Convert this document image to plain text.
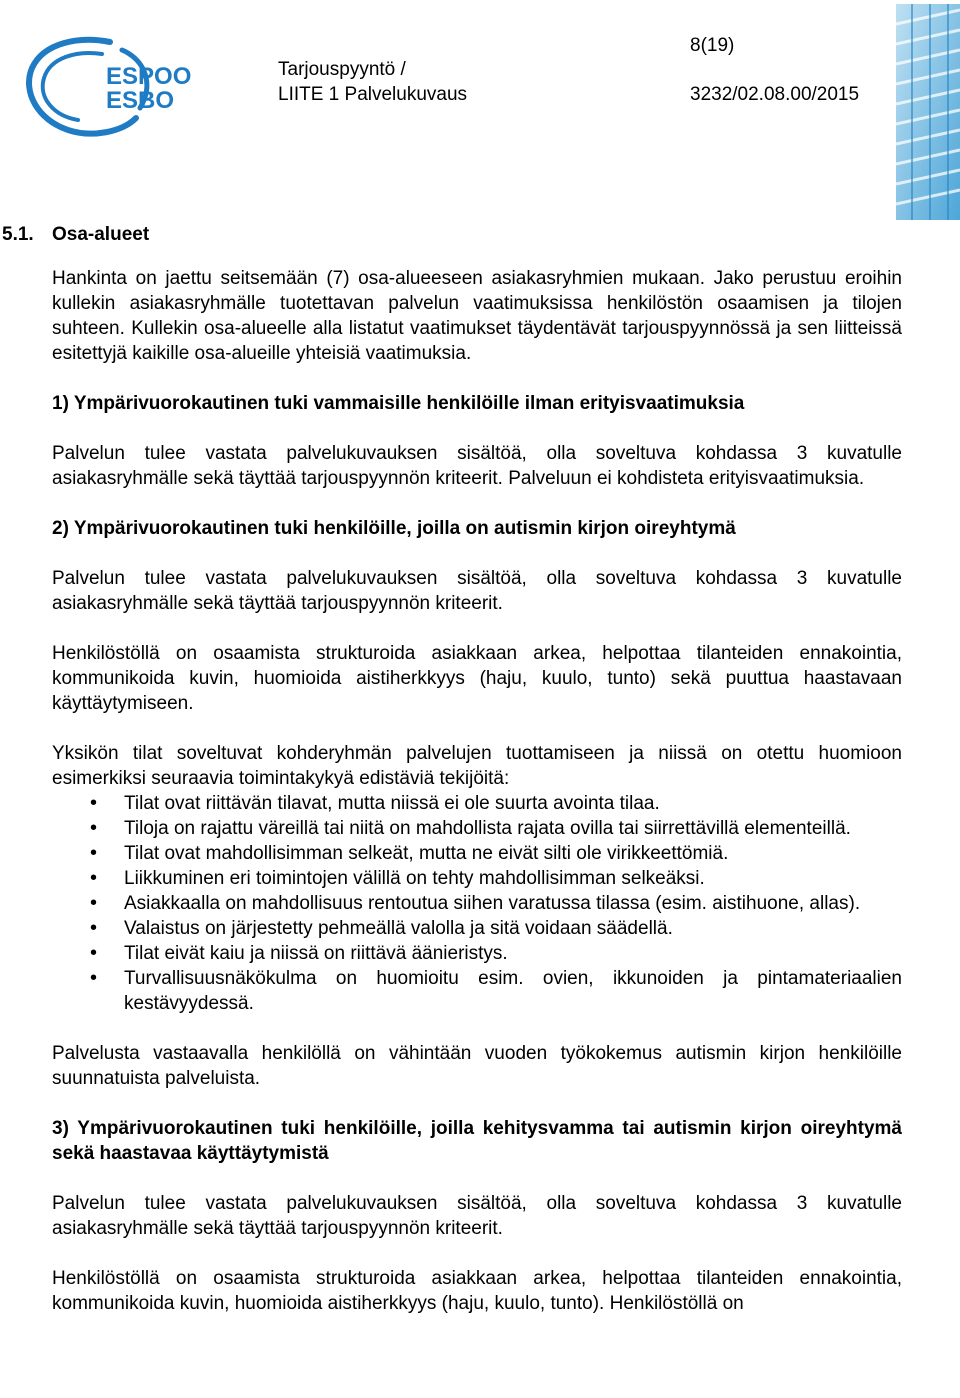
ESPOO
ESBO
Tarjouspyyntö /
LIITE 1 Palvelukuvaus
8(19)
3232/02.08.00/2015
5.1. Osa-alueet

Hankinta on jaettu seitsemään (7) osa-alueeseen asiakasryhmien mukaan. Jako perustuu eroihin kullekin asiakasryhmälle tuotettavan palvelun vaatimuksissa henkilöstön osaamisen ja tilojen suhteen. Kullekin osa-alueelle alla listatut vaatimukset täydentävät tarjouspyynnössä ja sen liitteissä esitettyjä kaikille osa-alueille yhteisiä vaatimuksia.

1) Ympärivuorokautinen tuki vammaisille henkilöille ilman erityisvaatimuksia

Palvelun tulee vastata palvelukuvauksen sisältöä, olla soveltuva kohdassa 3 kuvatulle asiakasryhmälle sekä täyttää tarjouspyynnön kriteerit. Palveluun ei kohdisteta erityisvaatimuksia.

2) Ympärivuorokautinen tuki henkilöille, joilla on autismin kirjon oireyhtymä

Palvelun tulee vastata palvelukuvauksen sisältöä, olla soveltuva kohdassa 3 kuvatulle asiakasryhmälle sekä täyttää tarjouspyynnön kriteerit.

Henkilöstöllä on osaamista strukturoida asiakkaan arkea, helpottaa tilanteiden ennakointia, kommunikoida kuvin, huomioida aistiherkkyys (haju, kuulo, tunto) sekä puuttua haastavaan käyttäytymiseen.

Yksikön tilat soveltuvat kohderyhmän palvelujen tuottamiseen ja niissä on otettu huomioon esimerkiksi seuraavia toimintakykyä edistäviä tekijöitä:

• Tilat ovat riittävän tilavat, mutta niissä ei ole suurta avointa tilaa.
• Tiloja on rajattu väreillä tai niitä on mahdollista rajata ovilla tai siirrettävillä elementeillä.
• Tilat ovat mahdollisimman selkeät, mutta ne eivät silti ole virikkeettömiä.
• Liikkuminen eri toimintojen välillä on tehty mahdollisimman selkeäksi.
• Asiakkaalla on mahdollisuus rentoutua siihen varatussa tilassa (esim. aistihuone, allas).
• Valaistus on järjestetty pehmeällä valolla ja sitä voidaan säädellä.
• Tilat eivät kaiu ja niissä on riittävä äänieristys.
• Turvallisuusnäkökulma on huomioitu esim. ovien, ikkunoiden ja pintamateriaalien kestävyydessä.

Palvelusta vastaavalla henkilöllä on vähintään vuoden työkokemus autismin kirjon henkilöille suunnatuista palveluista.

3) Ympärivuorokautinen tuki henkilöille, joilla kehitysvamma tai autismin kirjon oireyhtymä sekä haastavaa käyttäytymistä

Palvelun tulee vastata palvelukuvauksen sisältöä, olla soveltuva kohdassa 3 kuvatulle asiakasryhmälle sekä täyttää tarjouspyynnön kriteerit.

Henkilöstöllä on osaamista strukturoida asiakkaan arkea, helpottaa tilanteiden ennakointia, kommunikoida kuvin, huomioida aistiherkkyys (haju, kuulo, tunto). Henkilöstöllä on
